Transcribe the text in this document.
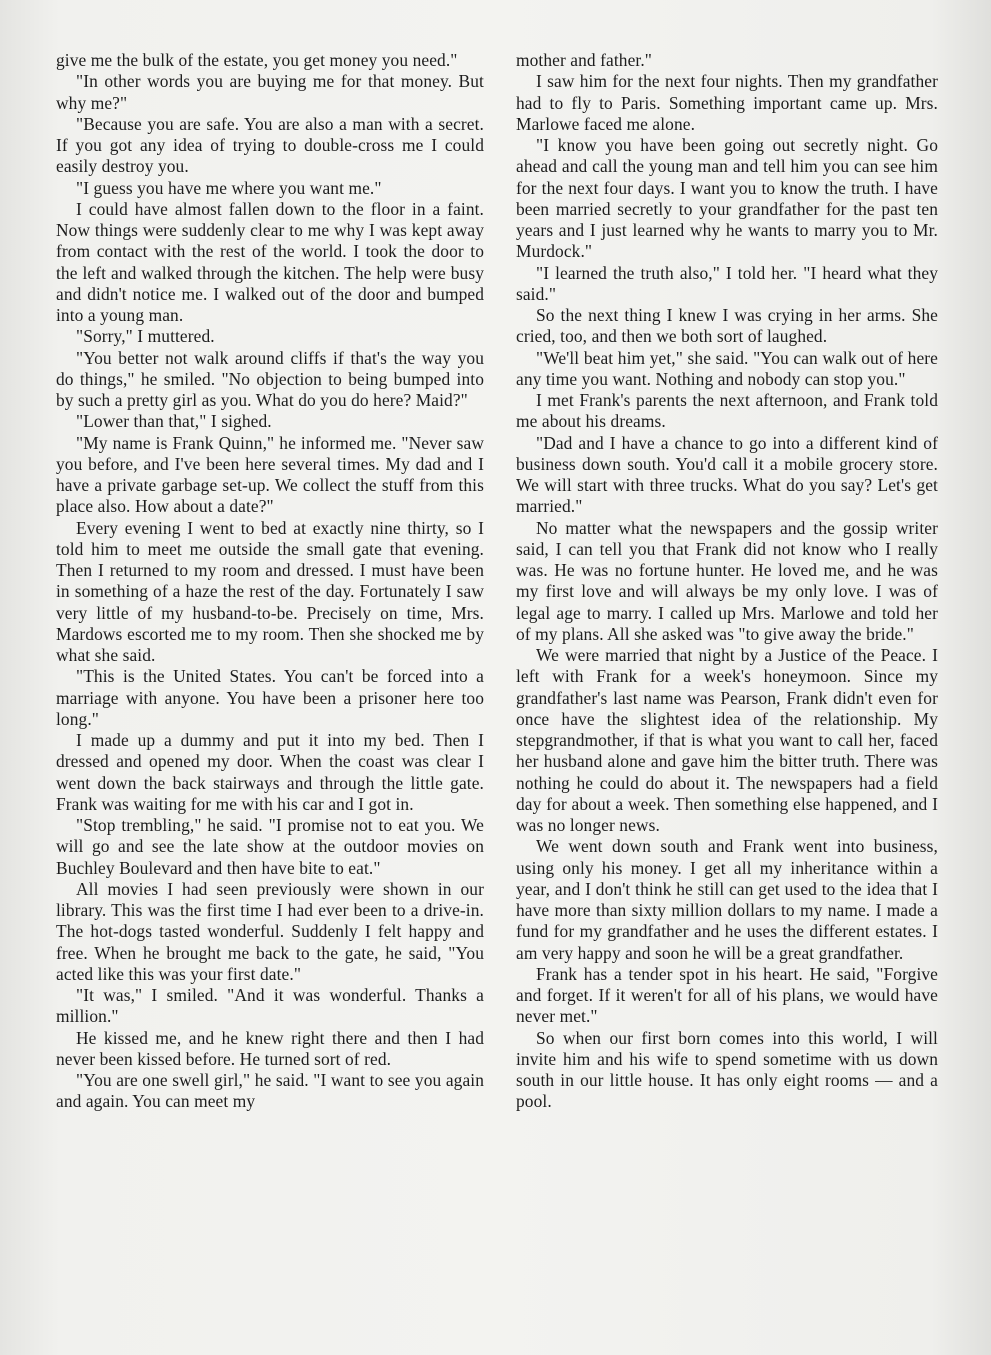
give me the bulk of the estate, you get money you need."

"In other words you are buying me for that money. But why me?"

"Because you are safe. You are also a man with a secret. If you got any idea of trying to double-cross me I could easily destroy you.

"I guess you have me where you want me."

I could have almost fallen down to the floor in a faint. Now things were suddenly clear to me why I was kept away from contact with the rest of the world. I took the door to the left and walked through the kitchen. The help were busy and didn't notice me. I walked out of the door and bumped into a young man.

"Sorry," I muttered.

"You better not walk around cliffs if that's the way you do things," he smiled. "No objection to being bumped into by such a pretty girl as you. What do you do here? Maid?"

"Lower than that," I sighed.

"My name is Frank Quinn," he informed me. "Never saw you before, and I've been here several times. My dad and I have a private garbage set-up. We collect the stuff from this place also. How about a date?"

Every evening I went to bed at exactly nine thirty, so I told him to meet me outside the small gate that evening. Then I returned to my room and dressed. I must have been in something of a haze the rest of the day. Fortunately I saw very little of my husband-to-be. Precisely on time, Mrs. Mardows escorted me to my room. Then she shocked me by what she said.

"This is the United States. You can't be forced into a marriage with anyone. You have been a prisoner here too long."

I made up a dummy and put it into my bed. Then I dressed and opened my door. When the coast was clear I went down the back stairways and through the little gate. Frank was waiting for me with his car and I got in.

"Stop trembling," he said. "I promise not to eat you. We will go and see the late show at the outdoor movies on Buchley Boulevard and then have bite to eat."

All movies I had seen previously were shown in our library. This was the first time I had ever been to a drive-in. The hot-dogs tasted wonderful. Suddenly I felt happy and free. When he brought me back to the gate, he said, "You acted like this was your first date."

"It was," I smiled. "And it was wonderful. Thanks a million."

He kissed me, and he knew right there and then I had never been kissed before. He turned sort of red.

"You are one swell girl," he said. "I want to see you again and again. You can meet my

mother and father."

I saw him for the next four nights. Then my grandfather had to fly to Paris. Something important came up. Mrs. Marlowe faced me alone.

"I know you have been going out secretly night. Go ahead and call the young man and tell him you can see him for the next four days. I want you to know the truth. I have been married secretly to your grandfather for the past ten years and I just learned why he wants to marry you to Mr. Murdock."

"I learned the truth also," I told her. "I heard what they said."

So the next thing I knew I was crying in her arms. She cried, too, and then we both sort of laughed.

"We'll beat him yet," she said. "You can walk out of here any time you want. Nothing and nobody can stop you."

I met Frank's parents the next afternoon, and Frank told me about his dreams.

"Dad and I have a chance to go into a different kind of business down south. You'd call it a mobile grocery store. We will start with three trucks. What do you say? Let's get married."

No matter what the newspapers and the gossip writer said, I can tell you that Frank did not know who I really was. He was no fortune hunter. He loved me, and he was my first love and will always be my only love. I was of legal age to marry. I called up Mrs. Marlowe and told her of my plans. All she asked was "to give away the bride."

We were married that night by a Justice of the Peace. I left with Frank for a week's honeymoon. Since my grandfather's last name was Pearson, Frank didn't even for once have the slightest idea of the relationship. My stepgrandmother, if that is what you want to call her, faced her husband alone and gave him the bitter truth. There was nothing he could do about it. The newspapers had a field day for about a week. Then something else happened, and I was no longer news.

We went down south and Frank went into business, using only his money. I get all my inheritance within a year, and I don't think he still can get used to the idea that I have more than sixty million dollars to my name. I made a fund for my grandfather and he uses the different estates. I am very happy and soon he will be a great grandfather.

Frank has a tender spot in his heart. He said, "Forgive and forget. If it weren't for all of his plans, we would have never met."

So when our first born comes into this world, I will invite him and his wife to spend sometime with us down south in our little house. It has only eight rooms — and a pool.
